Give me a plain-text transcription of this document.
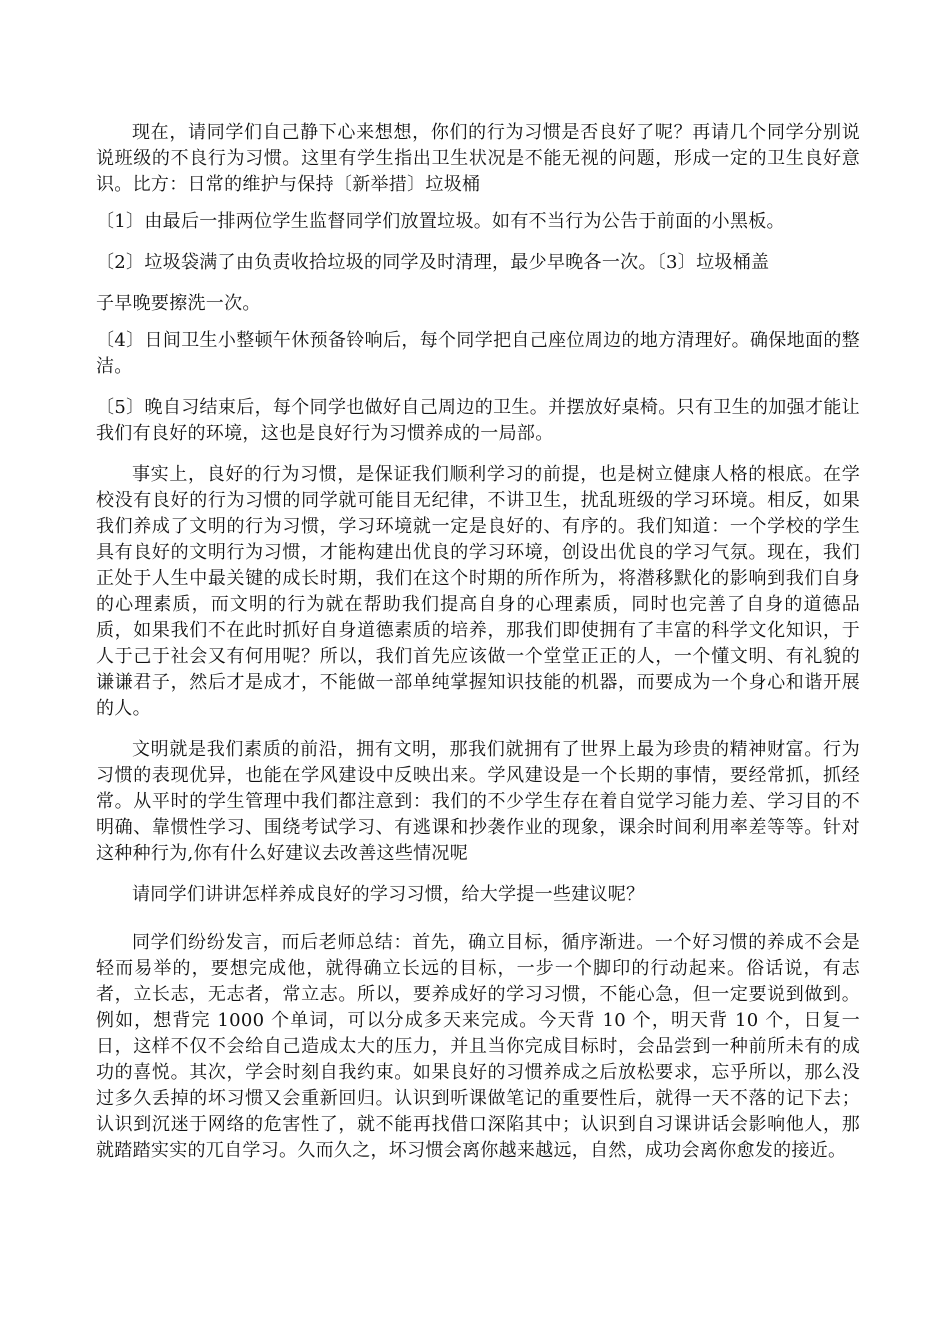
现在，请同学们自己静下心来想想，你们的行为习惯是否良好了呢？再请几个同学分别说说班级的不良行为习惯。这里有学生指出卫生状况是不能无视的问题，形成一定的卫生良好意识。比方：日常的维护与保持〔新举措〕垃圾桶

〔1〕由最后一排两位学生监督同学们放置垃圾。如有不当行为公告于前面的小黑板。

〔2〕垃圾袋满了由负责收拾垃圾的同学及时清理，最少早晚各一次。〔3〕垃圾桶盖

子早晚要擦洗一次。

〔4〕日间卫生小整顿午休预备铃响后，每个同学把自己座位周边的地方清理好。确保地面的整洁。

〔5〕晚自习结束后，每个同学也做好自己周边的卫生。并摆放好桌椅。只有卫生的加强才能让我们有良好的环境，这也是良好行为习惯养成的一局部。

事实上，良好的行为习惯，是保证我们顺利学习的前提，也是树立健康人格的根底。在学校没有良好的行为习惯的同学就可能目无纪律，不讲卫生，扰乱班级的学习环境。相反，如果我们养成了文明的行为习惯，学习环境就一定是良好的、有序的。我们知道：一个学校的学生具有良好的文明行为习惯，才能构建出优良的学习环境，创设出优良的学习气氛。现在，我们正处于人生中最关键的成长时期，我们在这个时期的所作所为，将潜移默化的影响到我们自身的心理素质，而文明的行为就在帮助我们提高自身的心理素质，同时也完善了自身的道德品质，如果我们不在此时抓好自身道德素质的培养，那我们即使拥有了丰富的科学文化知识，于人于己于社会又有何用呢？所以，我们首先应该做一个堂堂正正的人，一个懂文明、有礼貌的谦谦君子，然后才是成才，不能做一部单纯掌握知识技能的机器，而要成为一个身心和谐开展的人。

文明就是我们素质的前沿，拥有文明，那我们就拥有了世界上最为珍贵的精神财富。行为习惯的表现优异，也能在学风建设中反映出来。学风建设是一个长期的事情，要经常抓，抓经常。从平时的学生管理中我们都注意到：我们的不少学生存在着自觉学习能力差、学习目的不明确、靠惯性学习、围绕考试学习、有逃课和抄袭作业的现象，课余时间利用率差等等。针对这种种行为,你有什么好建议去改善这些情况呢

请同学们讲讲怎样养成良好的学习习惯，给大学提一些建议呢？

同学们纷纷发言，而后老师总结：首先，确立目标，循序渐进。一个好习惯的养成不会是轻而易举的，要想完成他，就得确立长远的目标，一步一个脚印的行动起来。俗话说，有志者，立长志，无志者，常立志。所以，要养成好的学习习惯，不能心急，但一定要说到做到。例如，想背完 1000 个单词，可以分成多天来完成。今天背 10 个，明天背 10 个，日复一日，这样不仅不会给自己造成太大的压力，并且当你完成目标时，会品尝到一种前所未有的成功的喜悦。其次，学会时刻自我约束。如果良好的习惯养成之后放松要求，忘乎所以，那么没过多久丢掉的坏习惯又会重新回归。认识到听课做笔记的重要性后，就得一天不落的记下去；认识到沉迷于网络的危害性了，就不能再找借口深陷其中；认识到自习课讲话会影响他人，那就踏踏实实的兀自学习。久而久之，坏习惯会离你越来越远，自然，成功会离你愈发的接近。
